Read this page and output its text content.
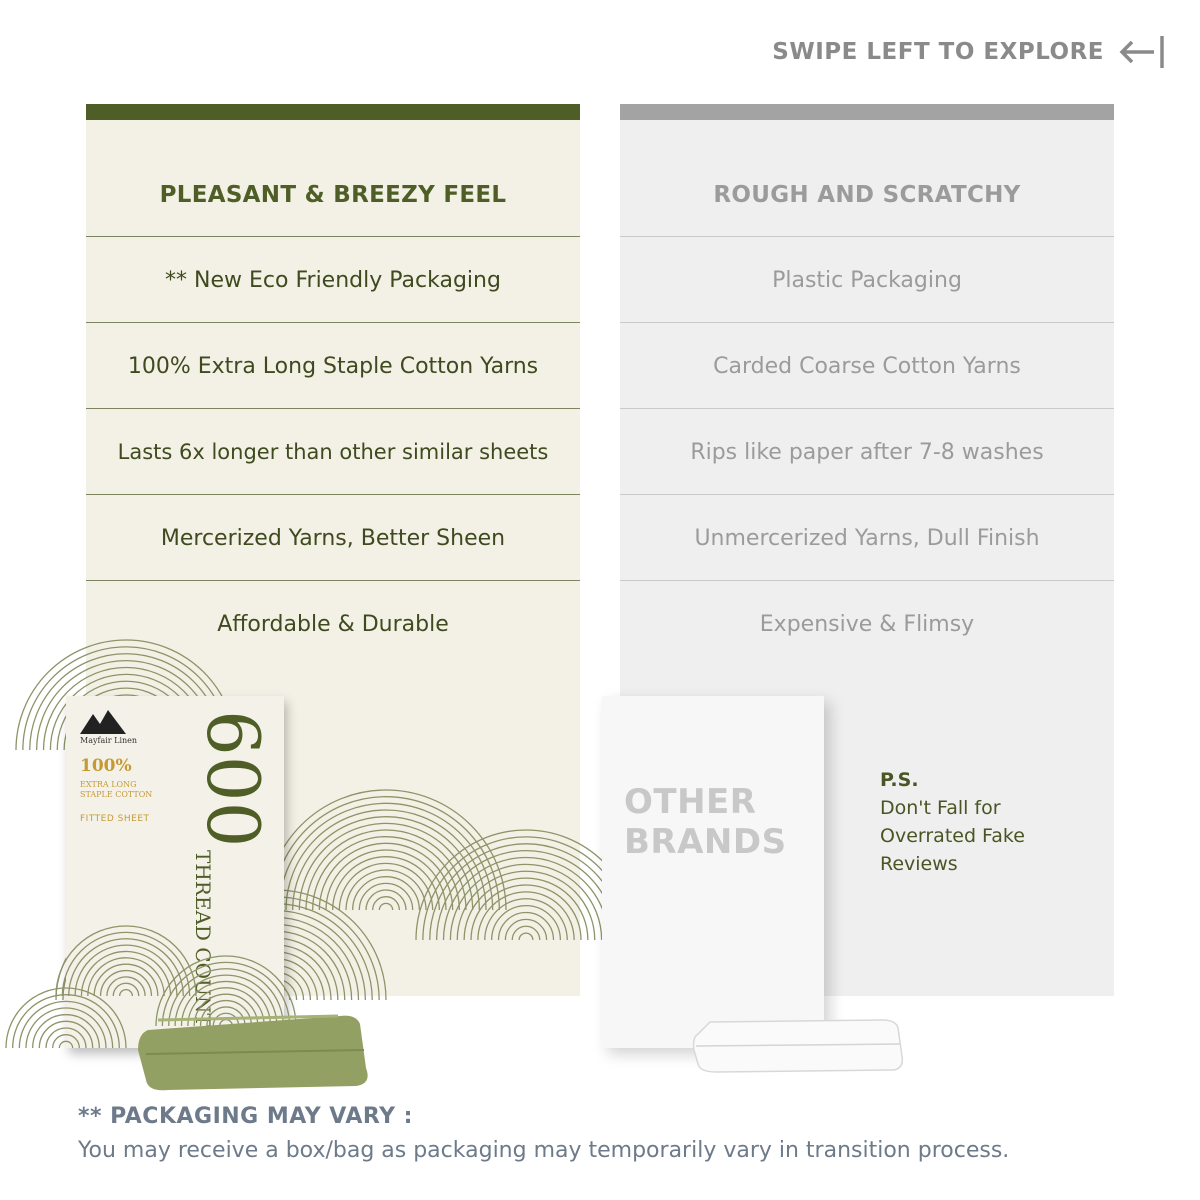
SWIPE LEFT TO EXPLORE
PLEASANT & BREEZY FEEL
** New Eco Friendly Packaging
100% Extra Long Staple Cotton Yarns
Lasts 6x longer than other similar sheets
Mercerized Yarns, Better Sheen
Affordable & Durable
ROUGH AND SCRATCHY
Plastic Packaging
Carded Coarse Cotton Yarns
Rips like paper after 7-8 washes
Unmercerized Yarns, Dull Finish
Expensive & Flimsy
Mayfair Linen
100%
EXTRA LONG STAPLE COTTON
FITTED SHEET 600
THREAD COUNT
OTHER
BRANDS
P.S.
Don't Fall for
Overrated Fake
Reviews
** PACKAGING MAY VARY :
You may receive a box/bag as packaging may temporarily vary in transition process.
